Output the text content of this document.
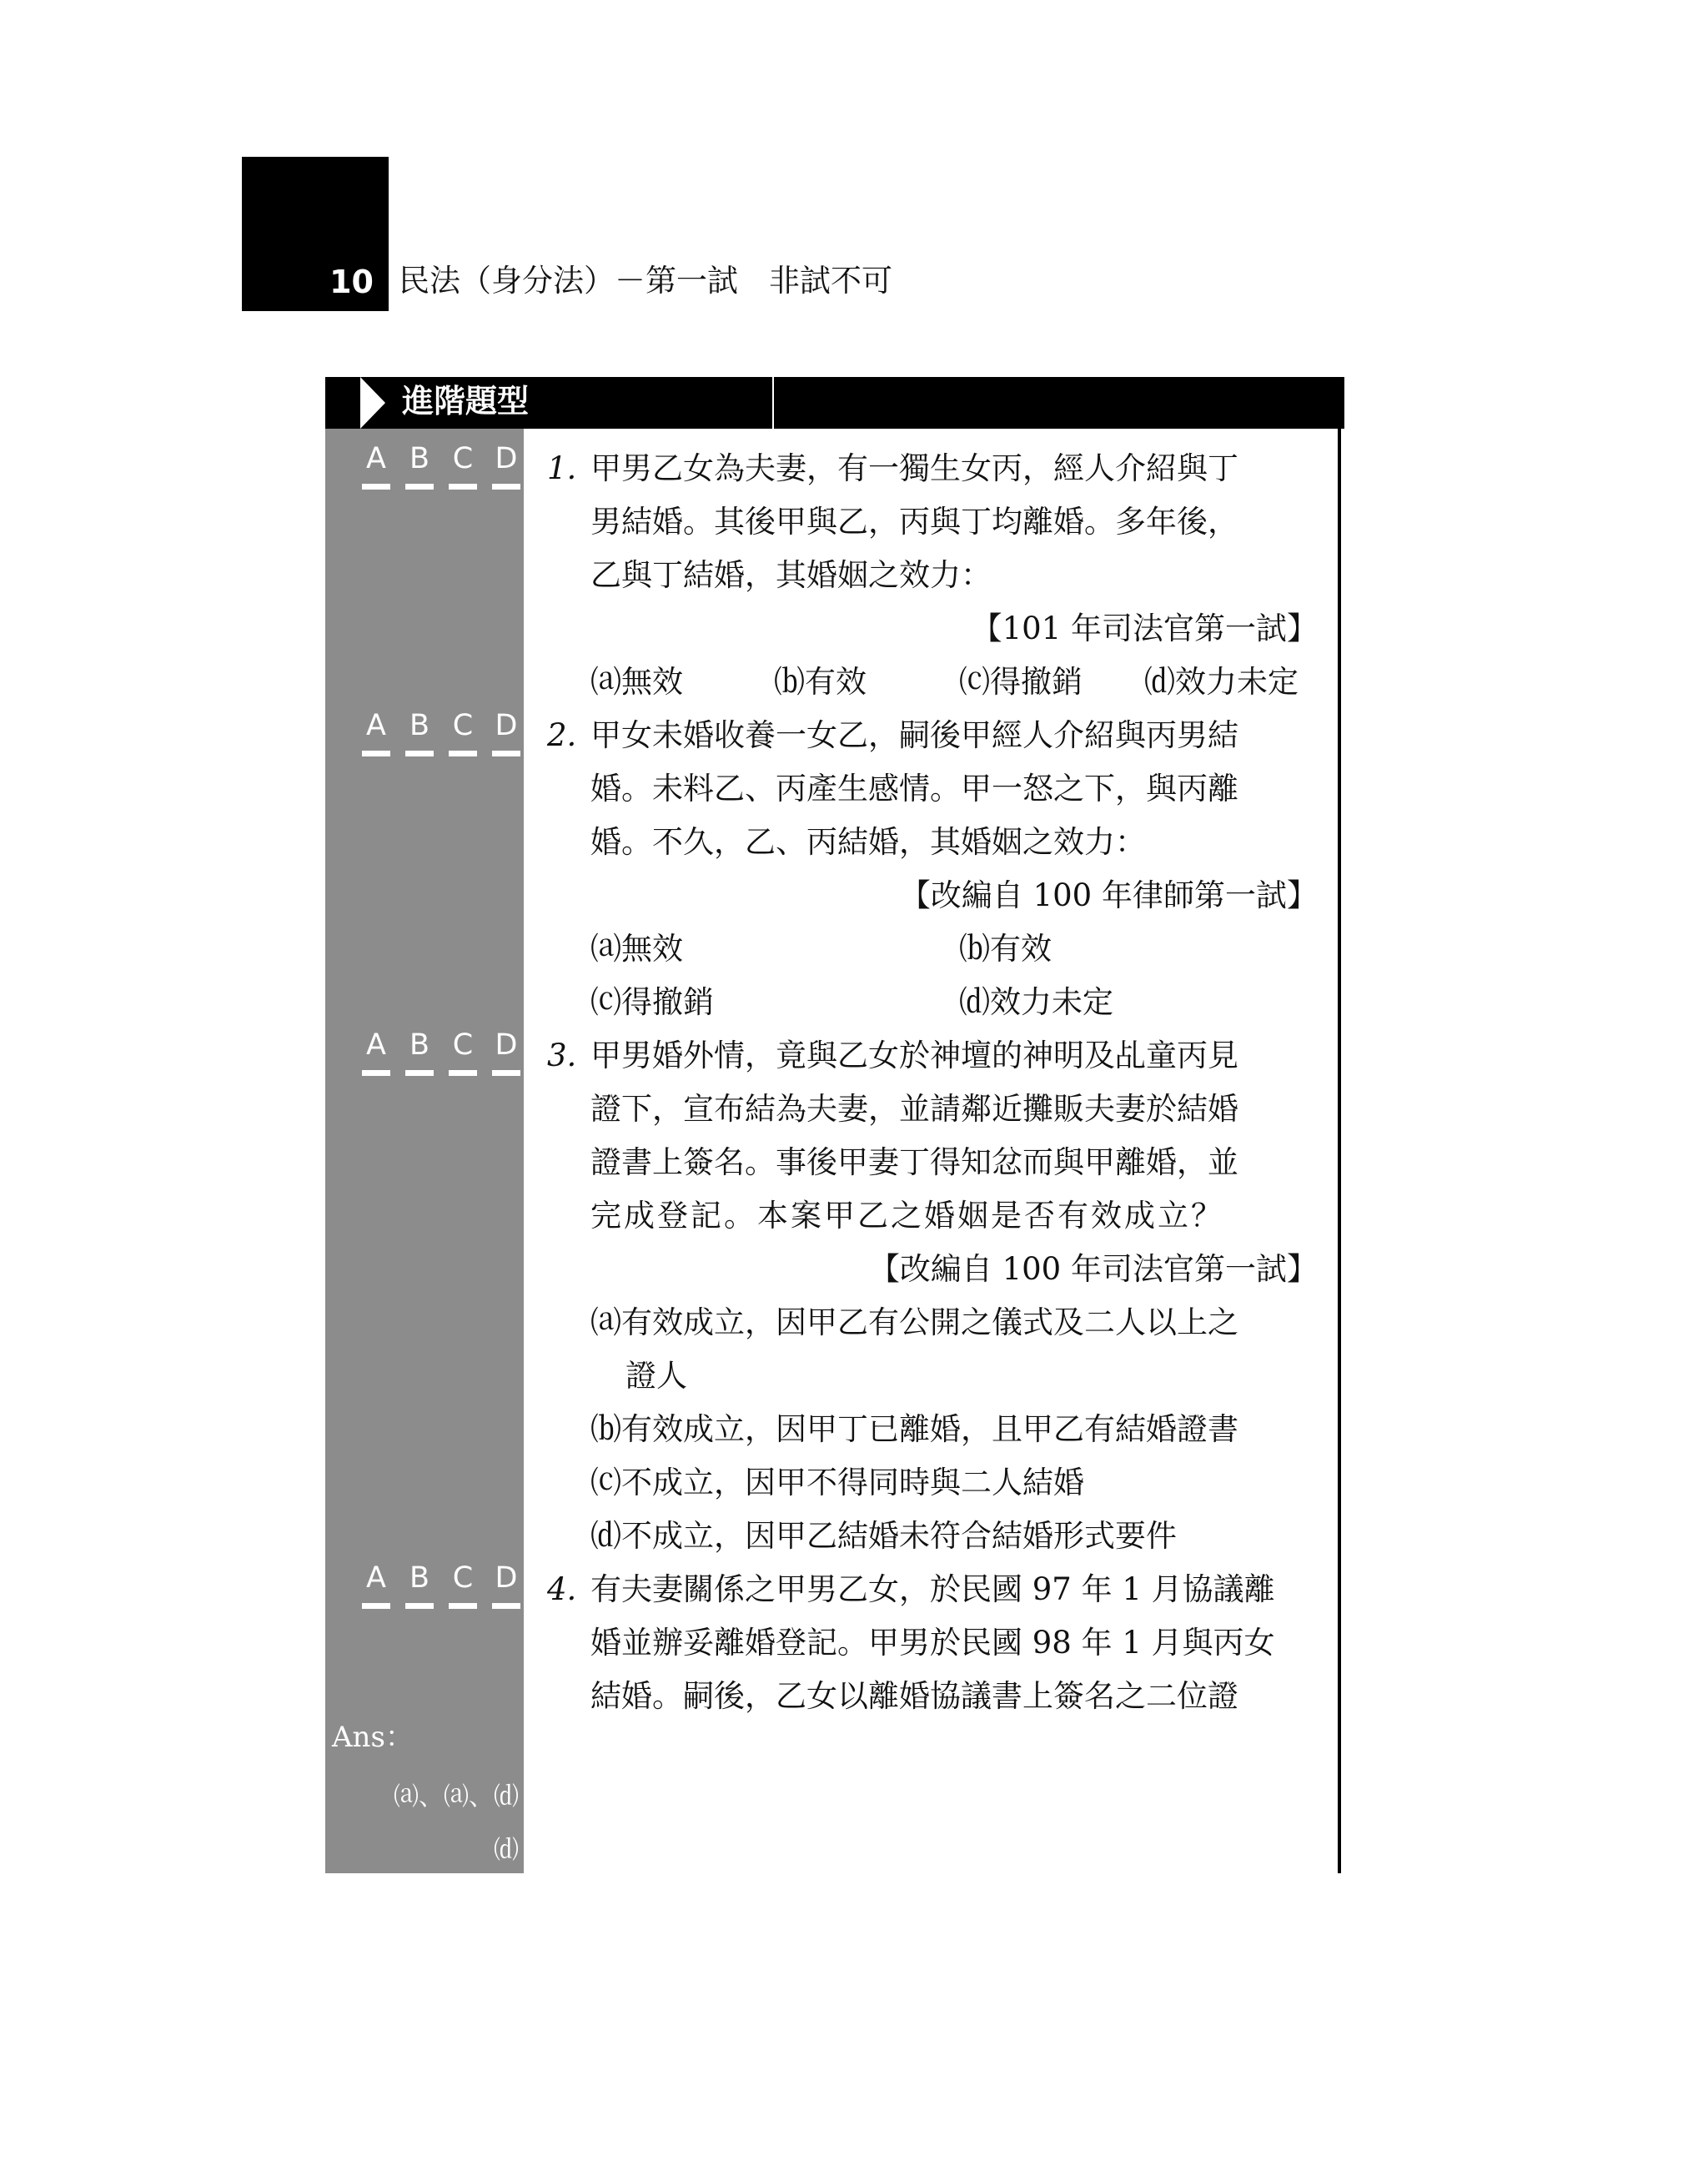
10 民法（身分法）－第一試　非試不可
進階題型
A B C D
A B C D
A B C D
A B C D
Ans：
⒜、⒜、⒟
⒟
1. 甲男乙女為夫妻，有一獨生女丙，經人介紹與丁
男結婚。其後甲與乙，丙與丁均離婚。多年後，
乙與丁結婚，其婚姻之效力：
【101 年司法官第一試】
⒜無效	⒝有效	⒞得撤銷 ⒟效力未定
2. 甲女未婚收養一女乙，嗣後甲經人介紹與丙男結
婚。未料乙、丙產生感情。甲一怒之下，與丙離
婚。不久，乙、丙結婚，其婚姻之效力：
【改編自 100 年律師第一試】
⒜無效	⒝有效
⒞得撤銷	⒟效力未定
3. 甲男婚外情，竟與乙女於神壇的神明及乩童丙見
證下，宣布結為夫妻，並請鄰近攤販夫妻於結婚
證書上簽名。事後甲妻丁得知忿而與甲離婚，並
完成登記。本案甲乙之婚姻是否有效成立？
【改編自 100 年司法官第一試】
⒜有效成立，因甲乙有公開之儀式及二人以上之
證人
⒝有效成立，因甲丁已離婚，且甲乙有結婚證書
⒞不成立，因甲不得同時與二人結婚
⒟不成立，因甲乙結婚未符合結婚形式要件
4. 有夫妻關係之甲男乙女，於民國 97 年 1 月協議離
婚並辦妥離婚登記。甲男於民國 98 年 1 月與丙女
結婚。嗣後，乙女以離婚協議書上簽名之二位證
